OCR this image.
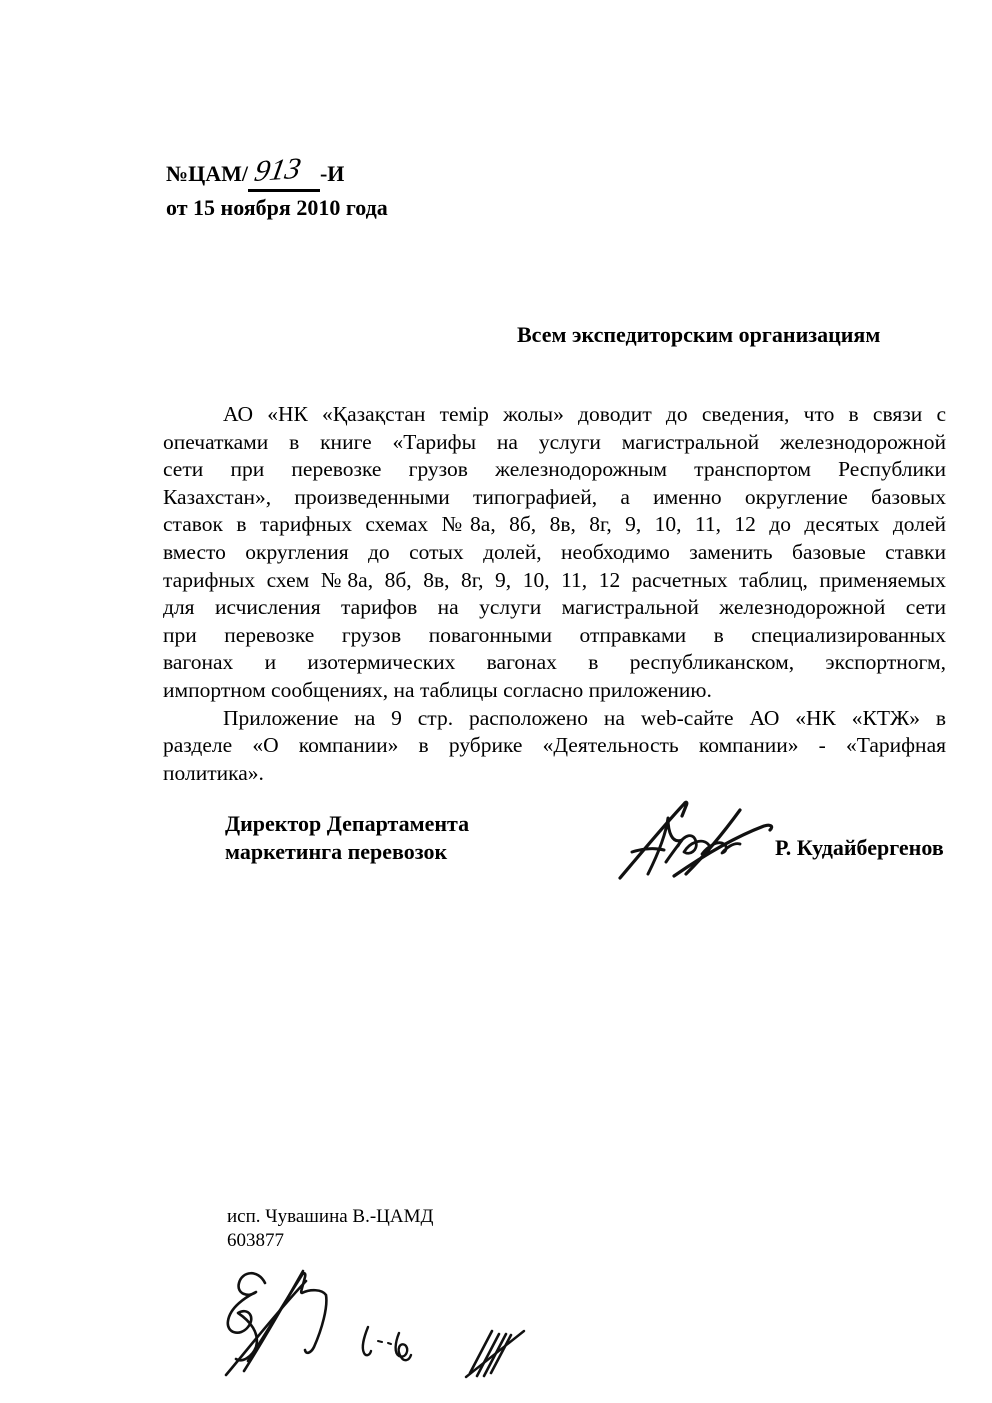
№ЦАМ/ 913 -И
от 15 ноября 2010 года
Всем экспедиторским организациям
АО «НК «Қазақстан темір жолы» доводит до сведения, что в связи с
опечатками в книге «Тарифы на услуги магистральной железнодорожной
сети при перевозке грузов железнодорожным транспортом Республики
Казахстан», произведенными типографией, а именно округление базовых
ставок в тарифных схемах №8а, 8б, 8в, 8г, 9, 10, 11, 12 до десятых долей
вместо округления до сотых долей, необходимо заменить базовые ставки
тарифных схем №8а, 8б, 8в, 8г, 9, 10, 11, 12 расчетных таблиц, применяемых
для исчисления тарифов на услуги магистральной железнодорожной сети
при перевозке грузов повагонными отправками в специализированных
вагонах и изотермических вагонах в республиканском, экспортногм,
импортном сообщениях, на таблицы согласно приложению.
Приложение на 9 стр. расположено на web-сайте АО «НК «КТЖ» в
разделе «О компании» в рубрике «Деятельность компании» - «Тарифная
политика».
Директор Департамента
маркетинга перевозок	Р. Кудайбергенов
исп. Чувашина В.-ЦАМД
603877
